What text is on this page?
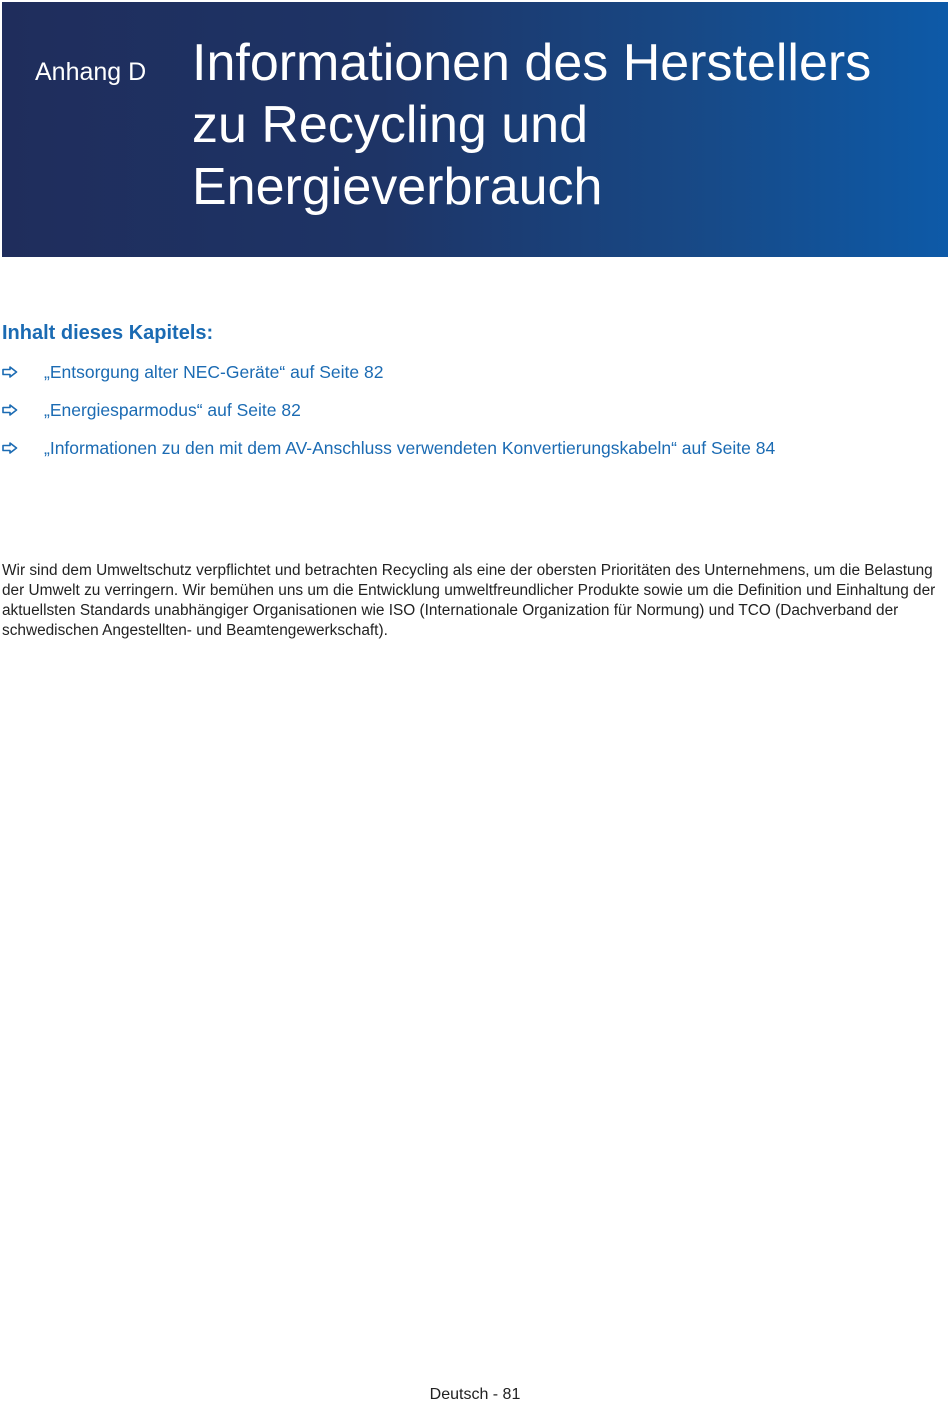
Anhang D Informationen des Herstellers zu Recycling und Energieverbrauch
Inhalt dieses Kapitels:
„Entsorgung alter NEC-Geräte“ auf Seite 82
„Energiesparmodus“ auf Seite 82
„Informationen zu den mit dem AV-Anschluss verwendeten Konvertierungskabeln“ auf Seite 84

Wir sind dem Umweltschutz verpflichtet und betrachten Recycling als eine der obersten Prioritäten des Unternehmens, um die Belastung der Umwelt zu verringern. Wir bemühen uns um die Entwicklung umweltfreundlicher Produkte sowie um die Definition und Einhaltung der aktuellsten Standards unabhängiger Organisationen wie ISO (Internationale Organization für Normung) und TCO (Dachverband der schwedischen Angestellten- und Beamtengewerkschaft).

Deutsch - 81
